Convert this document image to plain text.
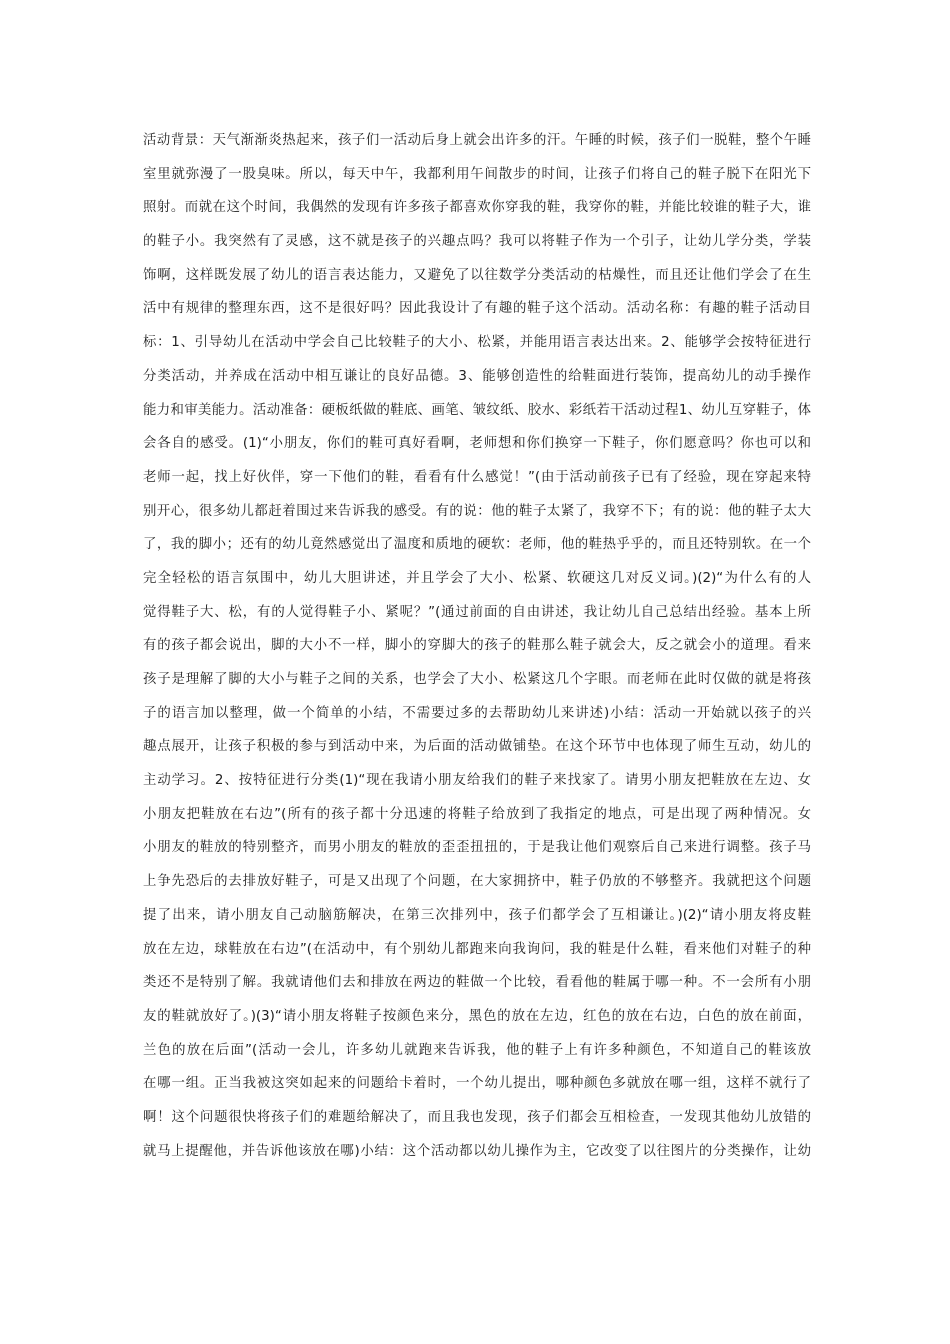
活动背景：天气渐渐炎热起来，孩子们一活动后身上就会出许多的汗。午睡的时候，孩子们一脱鞋，整个午睡
室里就弥漫了一股臭味。所以，每天中午，我都利用午间散步的时间，让孩子们将自己的鞋子脱下在阳光下
照射。而就在这个时间，我偶然的发现有许多孩子都喜欢你穿我的鞋，我穿你的鞋，并能比较谁的鞋子大，谁
的鞋子小。我突然有了灵感，这不就是孩子的兴趣点吗？我可以将鞋子作为一个引子，让幼儿学分类，学装
饰啊，这样既发展了幼儿的语言表达能力，又避免了以往数学分类活动的枯燥性，而且还让他们学会了在生
活中有规律的整理东西，这不是很好吗？因此我设计了有趣的鞋子这个活动。活动名称：有趣的鞋子活动目
标：1、引导幼儿在活动中学会自己比较鞋子的大小、松紧，并能用语言表达出来。2、能够学会按特征进行
分类活动，并养成在活动中相互谦让的良好品德。3、能够创造性的给鞋面进行装饰，提高幼儿的动手操作
能力和审美能力。活动准备：硬板纸做的鞋底、画笔、皱纹纸、胶水、彩纸若干活动过程1、幼儿互穿鞋子，体
会各自的感受。(1)“小朋友，你们的鞋可真好看啊，老师想和你们换穿一下鞋子，你们愿意吗？你也可以和
老师一起，找上好伙伴，穿一下他们的鞋，看看有什么感觉！”(由于活动前孩子已有了经验，现在穿起来特
别开心，很多幼儿都赶着围过来告诉我的感受。有的说：他的鞋子太紧了，我穿不下；有的说：他的鞋子太大
了，我的脚小；还有的幼儿竟然感觉出了温度和质地的硬软：老师，他的鞋热乎乎的，而且还特别软。在一个
完全轻松的语言氛围中，幼儿大胆讲述，并且学会了大小、松紧、软硬这几对反义词。)(2)“为什么有的人
觉得鞋子大、松，有的人觉得鞋子小、紧呢？”(通过前面的自由讲述，我让幼儿自己总结出经验。基本上所
有的孩子都会说出，脚的大小不一样，脚小的穿脚大的孩子的鞋那么鞋子就会大，反之就会小的道理。看来
孩子是理解了脚的大小与鞋子之间的关系，也学会了大小、松紧这几个字眼。而老师在此时仅做的就是将孩
子的语言加以整理，做一个简单的小结，不需要过多的去帮助幼儿来讲述)小结：活动一开始就以孩子的兴
趣点展开，让孩子积极的参与到活动中来，为后面的活动做铺垫。在这个环节中也体现了师生互动，幼儿的
主动学习。2、按特征进行分类(1)“现在我请小朋友给我们的鞋子来找家了。请男小朋友把鞋放在左边、女
小朋友把鞋放在右边”(所有的孩子都十分迅速的将鞋子给放到了我指定的地点，可是出现了两种情况。女
小朋友的鞋放的特别整齐，而男小朋友的鞋放的歪歪扭扭的，于是我让他们观察后自己来进行调整。孩子马
上争先恐后的去排放好鞋子，可是又出现了个问题，在大家拥挤中，鞋子仍放的不够整齐。我就把这个问题
提了出来，请小朋友自己动脑筋解决，在第三次排列中，孩子们都学会了互相谦让。)(2)“请小朋友将皮鞋
放在左边，球鞋放在右边”(在活动中，有个别幼儿都跑来向我询问，我的鞋是什么鞋，看来他们对鞋子的种
类还不是特别了解。我就请他们去和排放在两边的鞋做一个比较，看看他的鞋属于哪一种。不一会所有小朋
友的鞋就放好了。)(3)“请小朋友将鞋子按颜色来分，黑色的放在左边，红色的放在右边，白色的放在前面，
兰色的放在后面”(活动一会儿，许多幼儿就跑来告诉我，他的鞋子上有许多种颜色，不知道自己的鞋该放
在哪一组。正当我被这突如起来的问题给卡着时，一个幼儿提出，哪种颜色多就放在哪一组，这样不就行了
啊！这个问题很快将孩子们的难题给解决了，而且我也发现，孩子们都会互相检查，一发现其他幼儿放错的
就马上提醒他，并告诉他该放在哪)小结：这个活动都以幼儿操作为主，它改变了以往图片的分类操作，让幼
